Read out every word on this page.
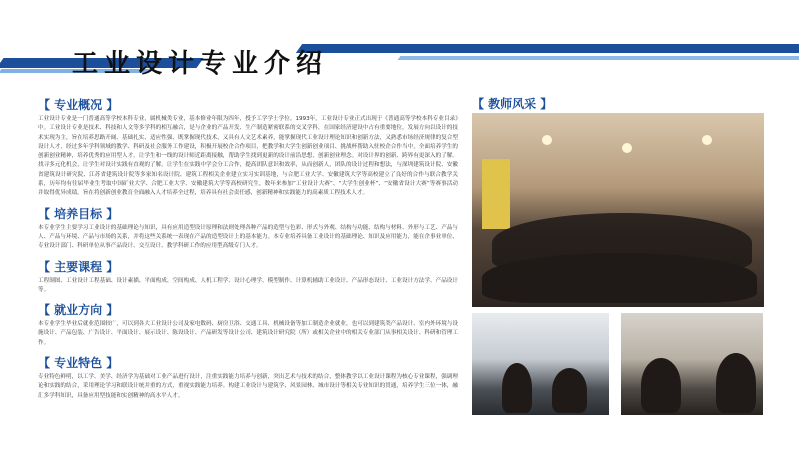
工业设计专业介绍
【 专业概况 】

工业设计专业是一门普通高等学校本科专业，属机械类专业，基本修业年限为四年，授予工学学士学位。1993年，工业设计专业正式出现于《普通高等学校本科专业目录》中。工业设计专业是技术、科技和人文等多学科的相互融合，是与企业的产品开发、生产制造紧密联系的交叉学科，在国家经济建设中占有重要地位。发展方向以设计的技术实现为主，旨在培养思路开阔、基础扎实、适应性强、既掌握现代技术，又具有人文艺术素养，能掌握现代工业设计理论知识和创新方法，又熟悉市场经济规律的复合型设计人才，经过多年学科领域的教学、科研及社会服务工作建设，积极开展校企合作项目，把教学和大学生创新创业项目、挑战杯帮助入驻校企合作当中，全面培养学生的创新创业精神，培养优秀的应用型人才。让学生和一线的设计师近距离接触，帮助学生找到更新的设计前沿思想，创新创业理念。对设计界的创新、跨界有更深入的了解。找寻多元化机会，让学生对设计实践有直观的了解。让学生在实践中学会分工合作，提高团队意识和效率，从而创新人，团队的设计过程和想法，与深圳建筑设计院、安徽省建筑设计研究院、江苏省建筑设计院等多家知名设计院、建筑工程相关企业建立实习实训基地，与合肥工业大学、安徽建筑大学等高校建立了良好的合作与联合教学关系，历年均有往届毕业生考取中国矿业大学、合肥工业大学、安徽建筑大学等高校研究生，数年来参加“工业设计大赛”、“大学生创业杯”、“安徽省设计大赛”等赛事活动并取得优异成绩，旨在将创新创业教育全面融入人才培养全过程，培养具有社会责任感，创新精神和实践能力的高素质工程技术人才。

【 培养目标 】

本专业学生主要学习工业设计的基础理论与知识，具有应用造型设计原理和法则处理各种产品的造型与色彩、形式与外观、结构与功能、结构与材料、外形与工艺、产品与人、产品与环境、产品与市场的关系，并将这些关系统一表现在产品的造型设计上的基本能力。本专业培养具备工业设计的基础理论、知识及应用能力，能在企事业单位、专业设计部门、科研单位从事产品设计、交互设计、教学科研工作的应用型高级专门人才。

【 主要课程 】

工程制图、工业设计工程基础、设计素描、平面构成、空间构成、人机工程学、设计心理学、模型制作、计算机辅助工业设计、产品形态设计、工业设计方法学、产品设计等。

【 就业方向 】

本专业学生毕业后就业范围较广，可以到各大工业设计公司及家电数码、厨房卫浴、交通工具、机械设备等加工制造企业就业，也可以到建筑类产品设计、室内外环境与设施设计、产品包装、广告设计、平面设计、展示设计、陈设设计、产品研发等设计公司、建筑设计研究院（所）或相关企业中的相关专业部门从事相关设计、科研和管理工作。

【 专业特色 】

专业特色鲜明，以工学、美学、经济学为基础对工业产品进行设计，注重实践能力培养与创新，突出艺术与技术的结合，整体教学以工业设计课程为核心专业课程，强调理论和实践的结合，采用理论学习和联设计统并重的方式，重视实践能力培养。构建工业设计与建筑学、风景园林、城市设计等相关专业知识的贯通，培养学生三位一体，融汇多学科知识，具备应用型技能和实创精神的高水平人才。

【 教师风采 】
